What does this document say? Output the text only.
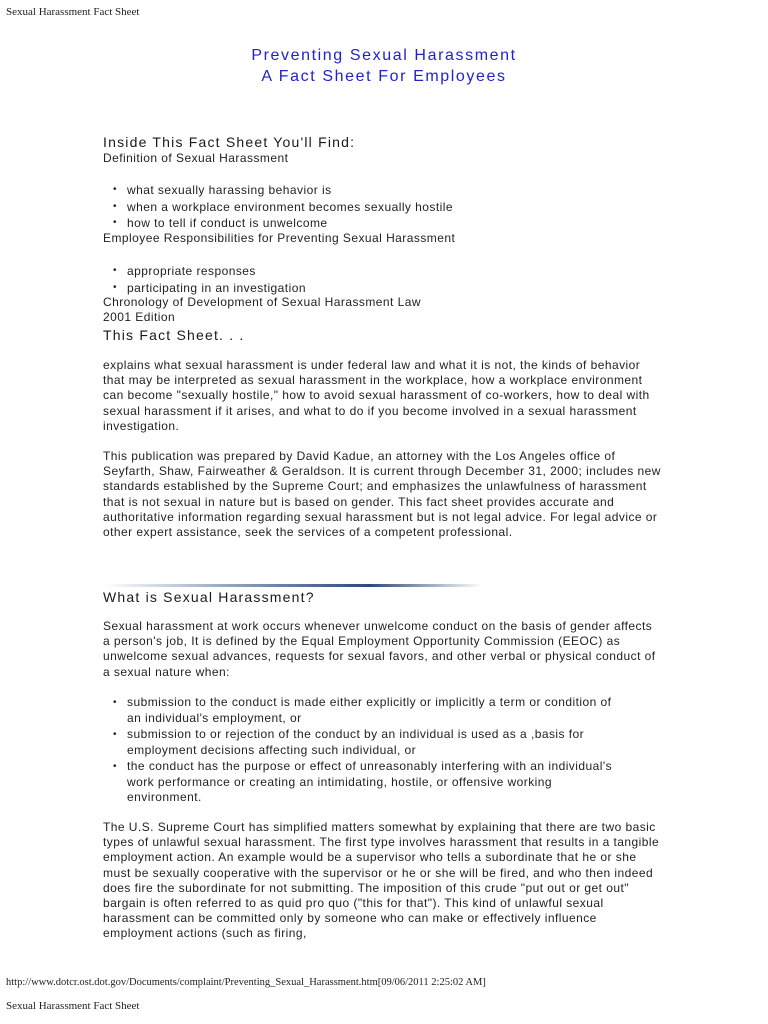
Sexual Harassment Fact Sheet
Preventing Sexual Harassment
A Fact Sheet For Employees
Inside This Fact Sheet You'll Find:
Definition of Sexual Harassment
• what sexually harassing behavior is
• when a workplace environment becomes sexually hostile
• how to tell if conduct is unwelcome
Employee Responsibilities for Preventing Sexual Harassment
• appropriate responses
• participating in an investigation
Chronology of Development of Sexual Harassment Law
2001 Edition
This Fact Sheet. . .

explains what sexual harassment is under federal law and what it is not, the kinds of behavior that may be interpreted as sexual harassment in the workplace, how a workplace environment can become "sexually hostile," how to avoid sexual harassment of co-workers, how to deal with sexual harassment if it arises, and what to do if you become involved in a sexual harassment investigation.

This publication was prepared by David Kadue, an attorney with the Los Angeles office of Seyfarth, Shaw, Fairweather & Geraldson. It is current through December 31, 2000; includes new standards established by the Supreme Court; and emphasizes the unlawfulness of harassment that is not sexual in nature but is based on gender. This fact sheet provides accurate and authoritative information regarding sexual harassment but is not legal advice. For legal advice or other expert assistance, seek the services of a competent professional.

What is Sexual Harassment?

Sexual harassment at work occurs whenever unwelcome conduct on the basis of gender affects a person's job, It is defined by the Equal Employment Opportunity Commission (EEOC) as unwelcome sexual advances, requests for sexual favors, and other verbal or physical conduct of a sexual nature when:

• submission to the conduct is made either explicitly or implicitly a term or condition of an individual's employment, or
• submission to or rejection of the conduct by an individual is used as a ,basis for employment decisions affecting such individual, or
• the conduct has the purpose or effect of unreasonably interfering with an individual's work performance or creating an intimidating, hostile, or offensive working environment.

The U.S. Supreme Court has simplified matters somewhat by explaining that there are two basic types of unlawful sexual harassment. The first type involves harassment that results in a tangible employment action. An example would be a supervisor who tells a subordinate that he or she must be sexually cooperative with the supervisor or he or she will be fired, and who then indeed does fire the subordinate for not submitting. The imposition of this crude "put out or get out" bargain is often referred to as quid pro quo ("this for that"). This kind of unlawful sexual harassment can be committed only by someone who can make or effectively influence employment actions (such as firing,

http://www.dotcr.ost.dot.gov/Documents/complaint/Preventing_Sexual_Harassment.htm[09/06/2011 2:25:02 AM]
Sexual Harassment Fact Sheet
